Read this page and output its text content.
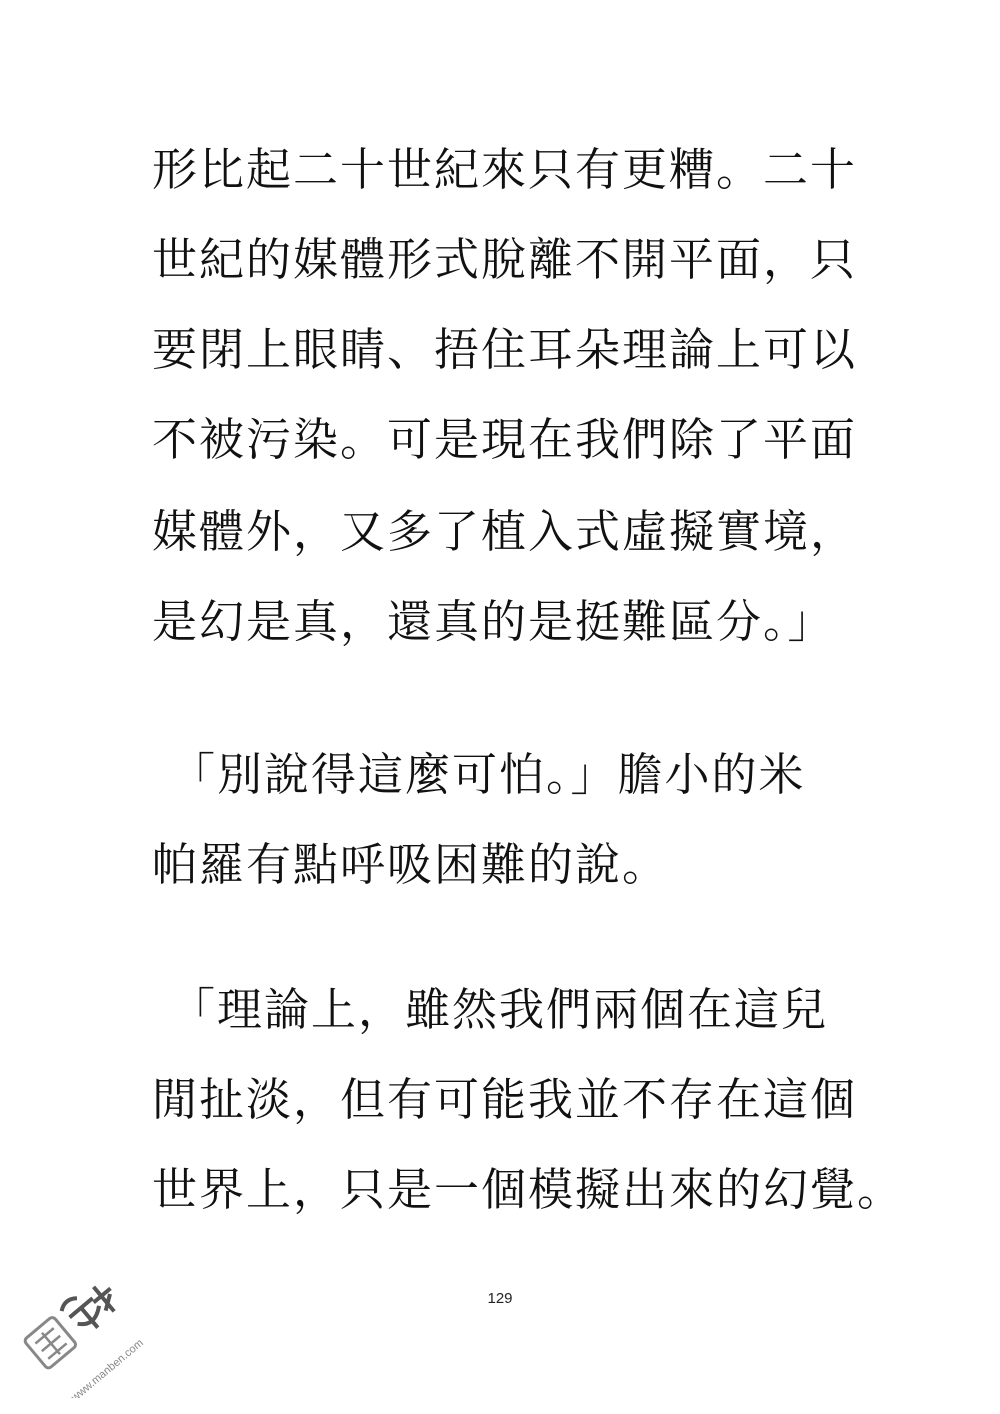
形比起二十世紀來只有更糟。二十
世紀的媒體形式脫離不開平面，只
要閉上眼睛、捂住耳朵理論上可以
不被污染。可是現在我們除了平面
媒體外，又多了植入式虛擬實境，
是幻是真，還真的是挺難區分。」
「別說得這麼可怕。」膽小的米
帕羅有點呼吸困難的說。
「理論上，雖然我們兩個在這兒
閒扯淡，但有可能我並不存在這個
世界上，只是一個模擬出來的幻覺。
129
www.manben.com
